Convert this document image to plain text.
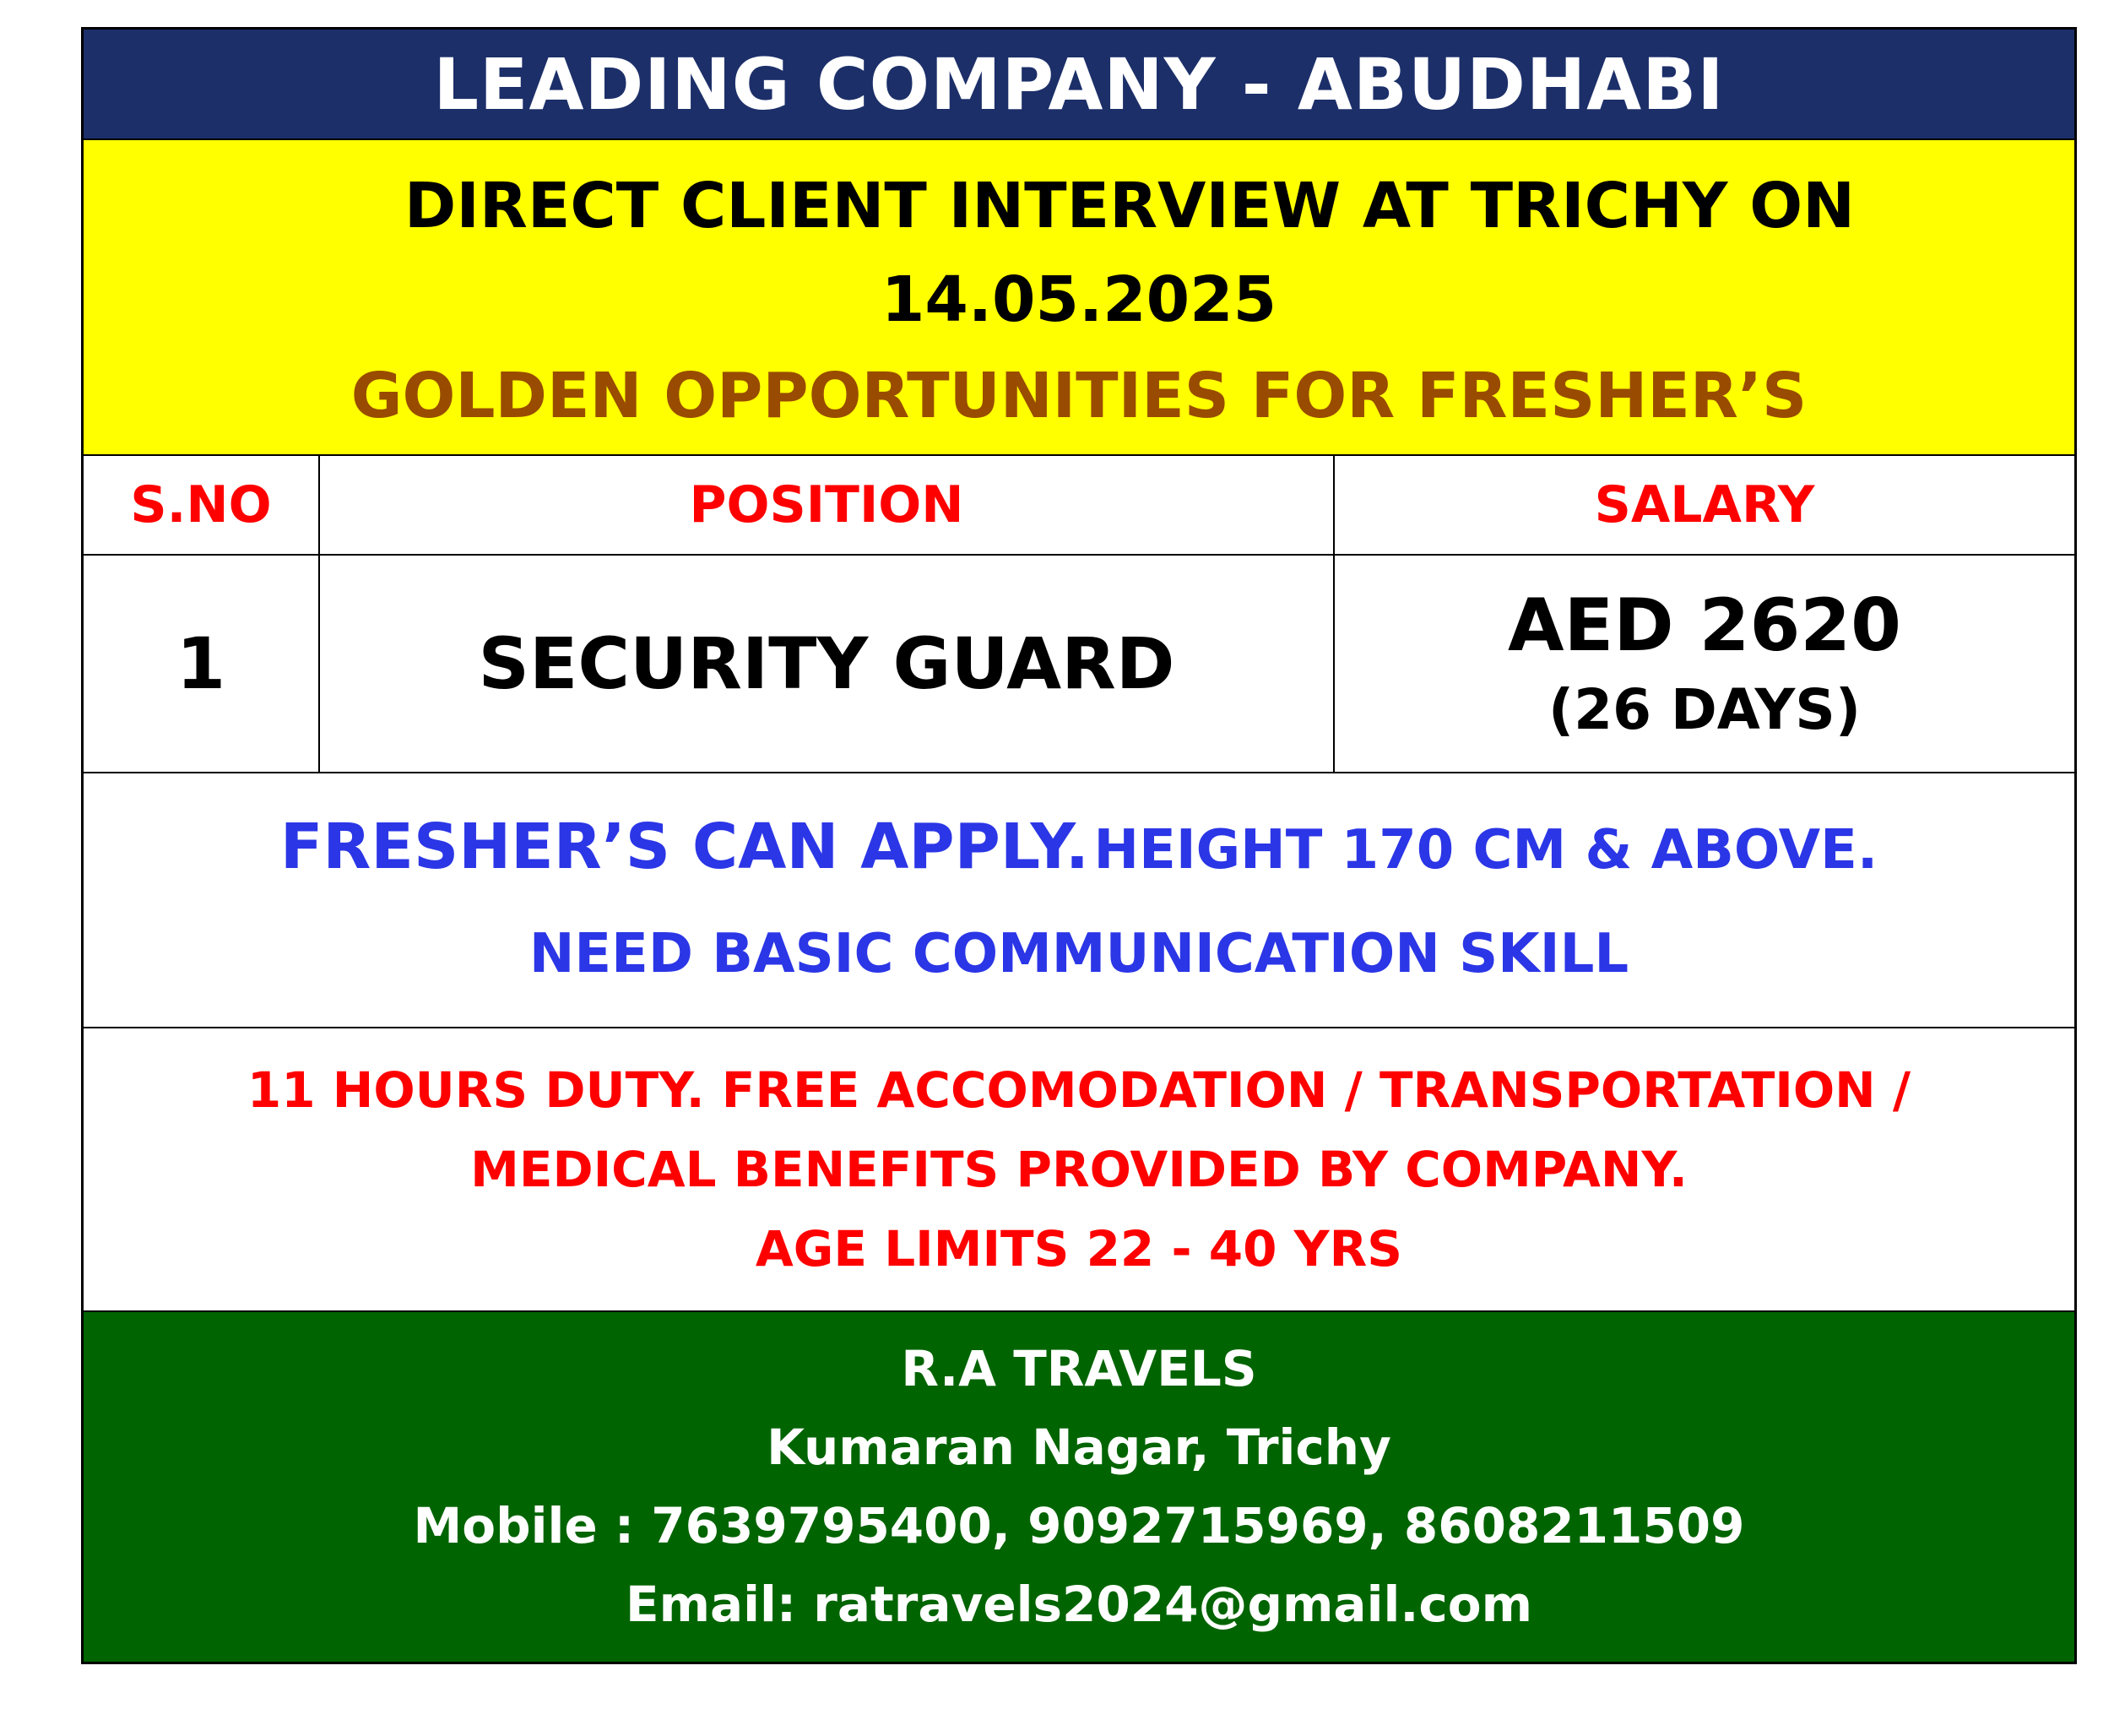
LEADING COMPANY - ABUDHABI
DIRECT CLIENT INTERVIEW AT TRICHY ON
14.05.2025
GOLDEN OPPORTUNITIES FOR FRESHER’S
S.NO	POSITION	SALARY
1	SECURITY GUARD	AED 2620
(26 DAYS)
FRESHER’S CAN APPLY. HEIGHT 170 CM & ABOVE.
NEED BASIC COMMUNICATION SKILL
11 HOURS DUTY. FREE ACCOMODATION / TRANSPORTATION /
MEDICAL BENEFITS PROVIDED BY COMPANY.
AGE LIMITS 22 - 40 YRS
R.A TRAVELS
Kumaran Nagar, Trichy
Mobile : 7639795400, 9092715969, 8608211509
Email: ratravels2024@gmail.com
